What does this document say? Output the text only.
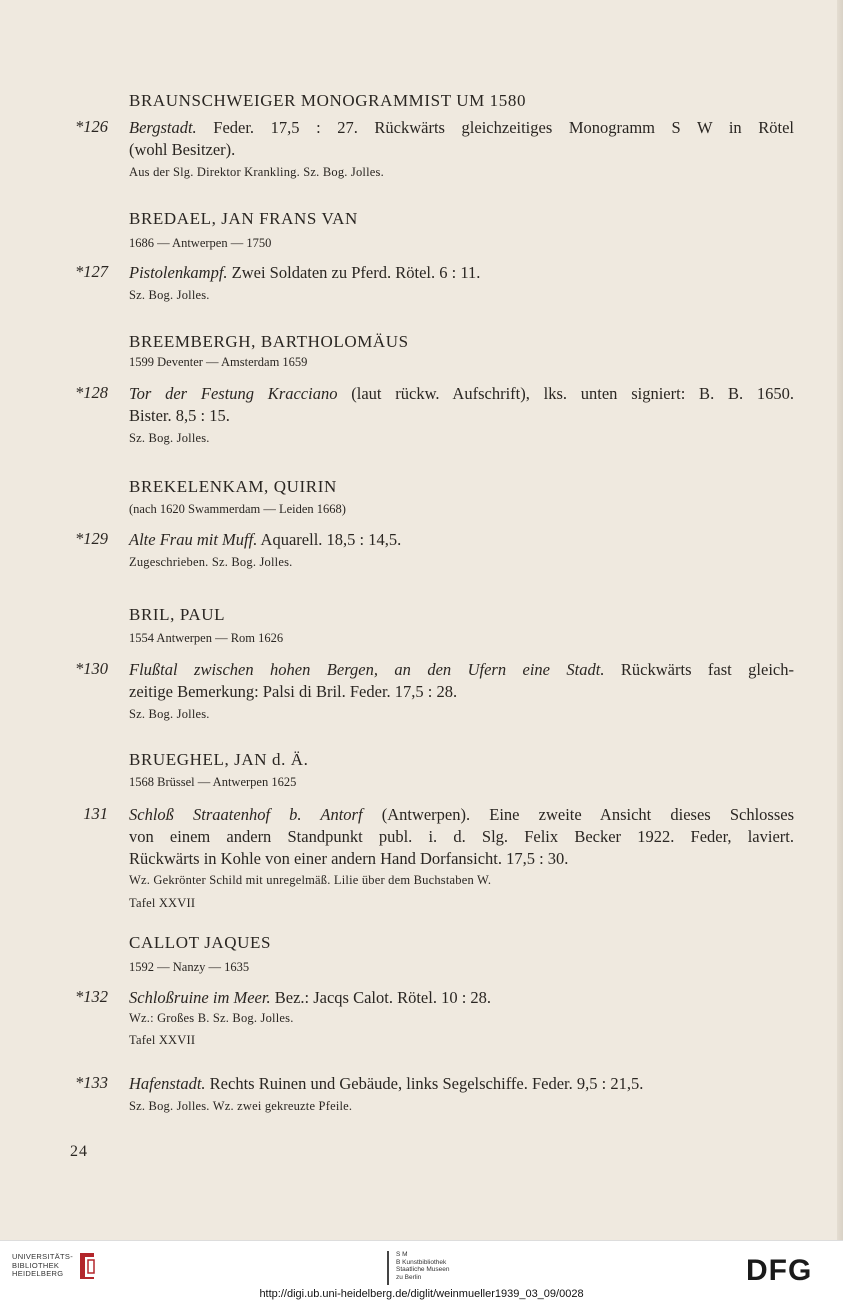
BRAUNSCHWEIGER MONOGRAMMIST UM 1580
*126 Bergstadt. Feder. 17,5 : 27. Rückwärts gleichzeitiges Monogramm S W in Rötel
(wohl Besitzer).
Aus der Slg. Direktor Krankling. Sz. Bog. Jolles.
BREDAEL, JAN FRANS VAN
1686 — Antwerpen — 1750
*127 Pistolenkampf. Zwei Soldaten zu Pferd. Rötel. 6 : 11.
Sz. Bog. Jolles.
BREEMBERGH, BARTHOLOMÄUS
1599 Deventer — Amsterdam 1659
*128 Tor der Festung Kracciano (laut rückw. Aufschrift), lks. unten signiert: B. B. 1650.
Bister. 8,5 : 15.
Sz. Bog. Jolles.
BREKELENKAM, QUIRIN
(nach 1620 Swammerdam — Leiden 1668)
*129 Alte Frau mit Muff. Aquarell. 18,5 : 14,5.
Zugeschrieben. Sz. Bog. Jolles.
BRIL, PAUL
1554 Antwerpen — Rom 1626
*130 Flußtal zwischen hohen Bergen, an den Ufern eine Stadt. Rückwärts fast gleich-
zeitige Bemerkung: Palsi di Bril. Feder. 17,5 : 28.
Sz. Bog. Jolles.
BRUEGHEL, JAN d. Ä.
1568 Brüssel — Antwerpen 1625
131 Schloß Straatenhof b. Antorf (Antwerpen). Eine zweite Ansicht dieses Schlosses
von einem andern Standpunkt publ. i. d. Slg. Felix Becker 1922. Feder, laviert.
Rückwärts in Kohle von einer andern Hand Dorfansicht. 17,5 : 30.
Wz. Gekrönter Schild mit unregelmäß. Lilie über dem Buchstaben W.
Tafel XXVII
CALLOT JAQUES
1592 — Nanzy — 1635
*132 Schloßruine im Meer. Bez.: Jacqs Calot. Rötel. 10 : 28.
Wz.: Großes B. Sz. Bog. Jolles.
Tafel XXVII
*133 Hafenstadt. Rechts Ruinen und Gebäude, links Segelschiffe. Feder. 9,5 : 21,5.
Sz. Bog. Jolles. Wz. zwei gekreuzte Pfeile.
24
UNIVERSITÄTS-
BIBLIOTHEK
HEIDELBERG
S M
B Kunstbibliothek
Staatliche Museen
zu Berlin	DFG
http://digi.ub.uni-heidelberg.de/diglit/weinmueller1939_03_09/0028
